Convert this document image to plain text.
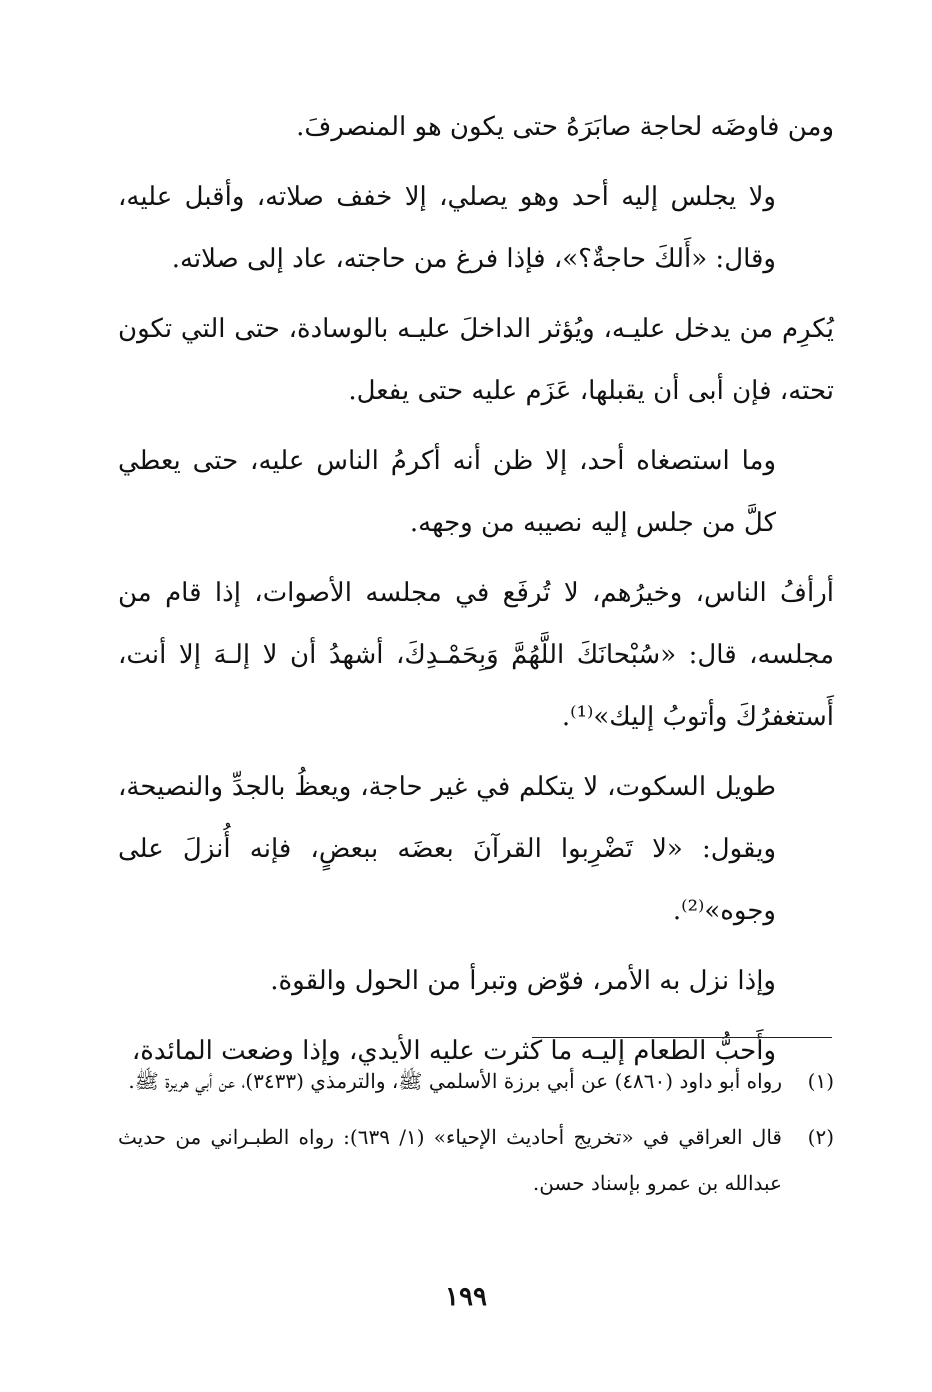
ومن فاوضَه لحاجة صابَرَهُ حتى يكون هو المنصرفَ.

ولا يجلس إليه أحد وهو يصلي، إلا خفف صلاته، وأقبل عليه، وقال: «أَلكَ حاجةٌ؟»، فإذا فرغ من حاجته، عاد إلى صلاته.

يُكرِم من يدخل عليـه، ويُؤثر الداخلَ عليـه بالوسادة، حتى التي تكون تحته، فإن أبى أن يقبلها، عَزَم عليه حتى يفعل.

وما استصغاه أحد، إلا ظن أنه أكرمُ الناس عليه، حتى يعطي كلَّ من جلس إليه نصيبه من وجهه.

أرأفُ الناس، وخيرُهم، لا تُرفَع في مجلسه الأصوات، إذا قام من مجلسه، قال: «سُبْحانَكَ اللَّهُمَّ وَبِحَمْـدِكَ، أشهدُ أن لا إلـهَ إلا أنت، أَستغفرُكَ وأتوبُ إليك»⁽¹⁾.

طويل السكوت، لا يتكلم في غير حاجة، ويعظُ بالجدِّ والنصيحة، ويقول: «لا تَضْرِبوا القرآنَ بعضَه ببعضٍ، فإنه أُنزلَ على وجوه»⁽²⁾.

وإذا نزل به الأمر، فوّض وتبرأ من الحول والقوة.

وأَحبُّ الطعام إليـه ما كثرت عليه الأيدي، وإذا وضعت المائدة،

(١)
رواه أبو داود (٤٨٦٠) عن أبي برزة الأسلمي ﷺ، والترمذي (٣٤٣٣)، عن أبي هريرة ﷺ.
(٢)
قال العراقي في «تخريج أحاديث الإحياء» (١/ ٦٣٩): رواه الطبـراني من حديث عبدالله بن عمرو بإسناد حسن.
١٩٩
